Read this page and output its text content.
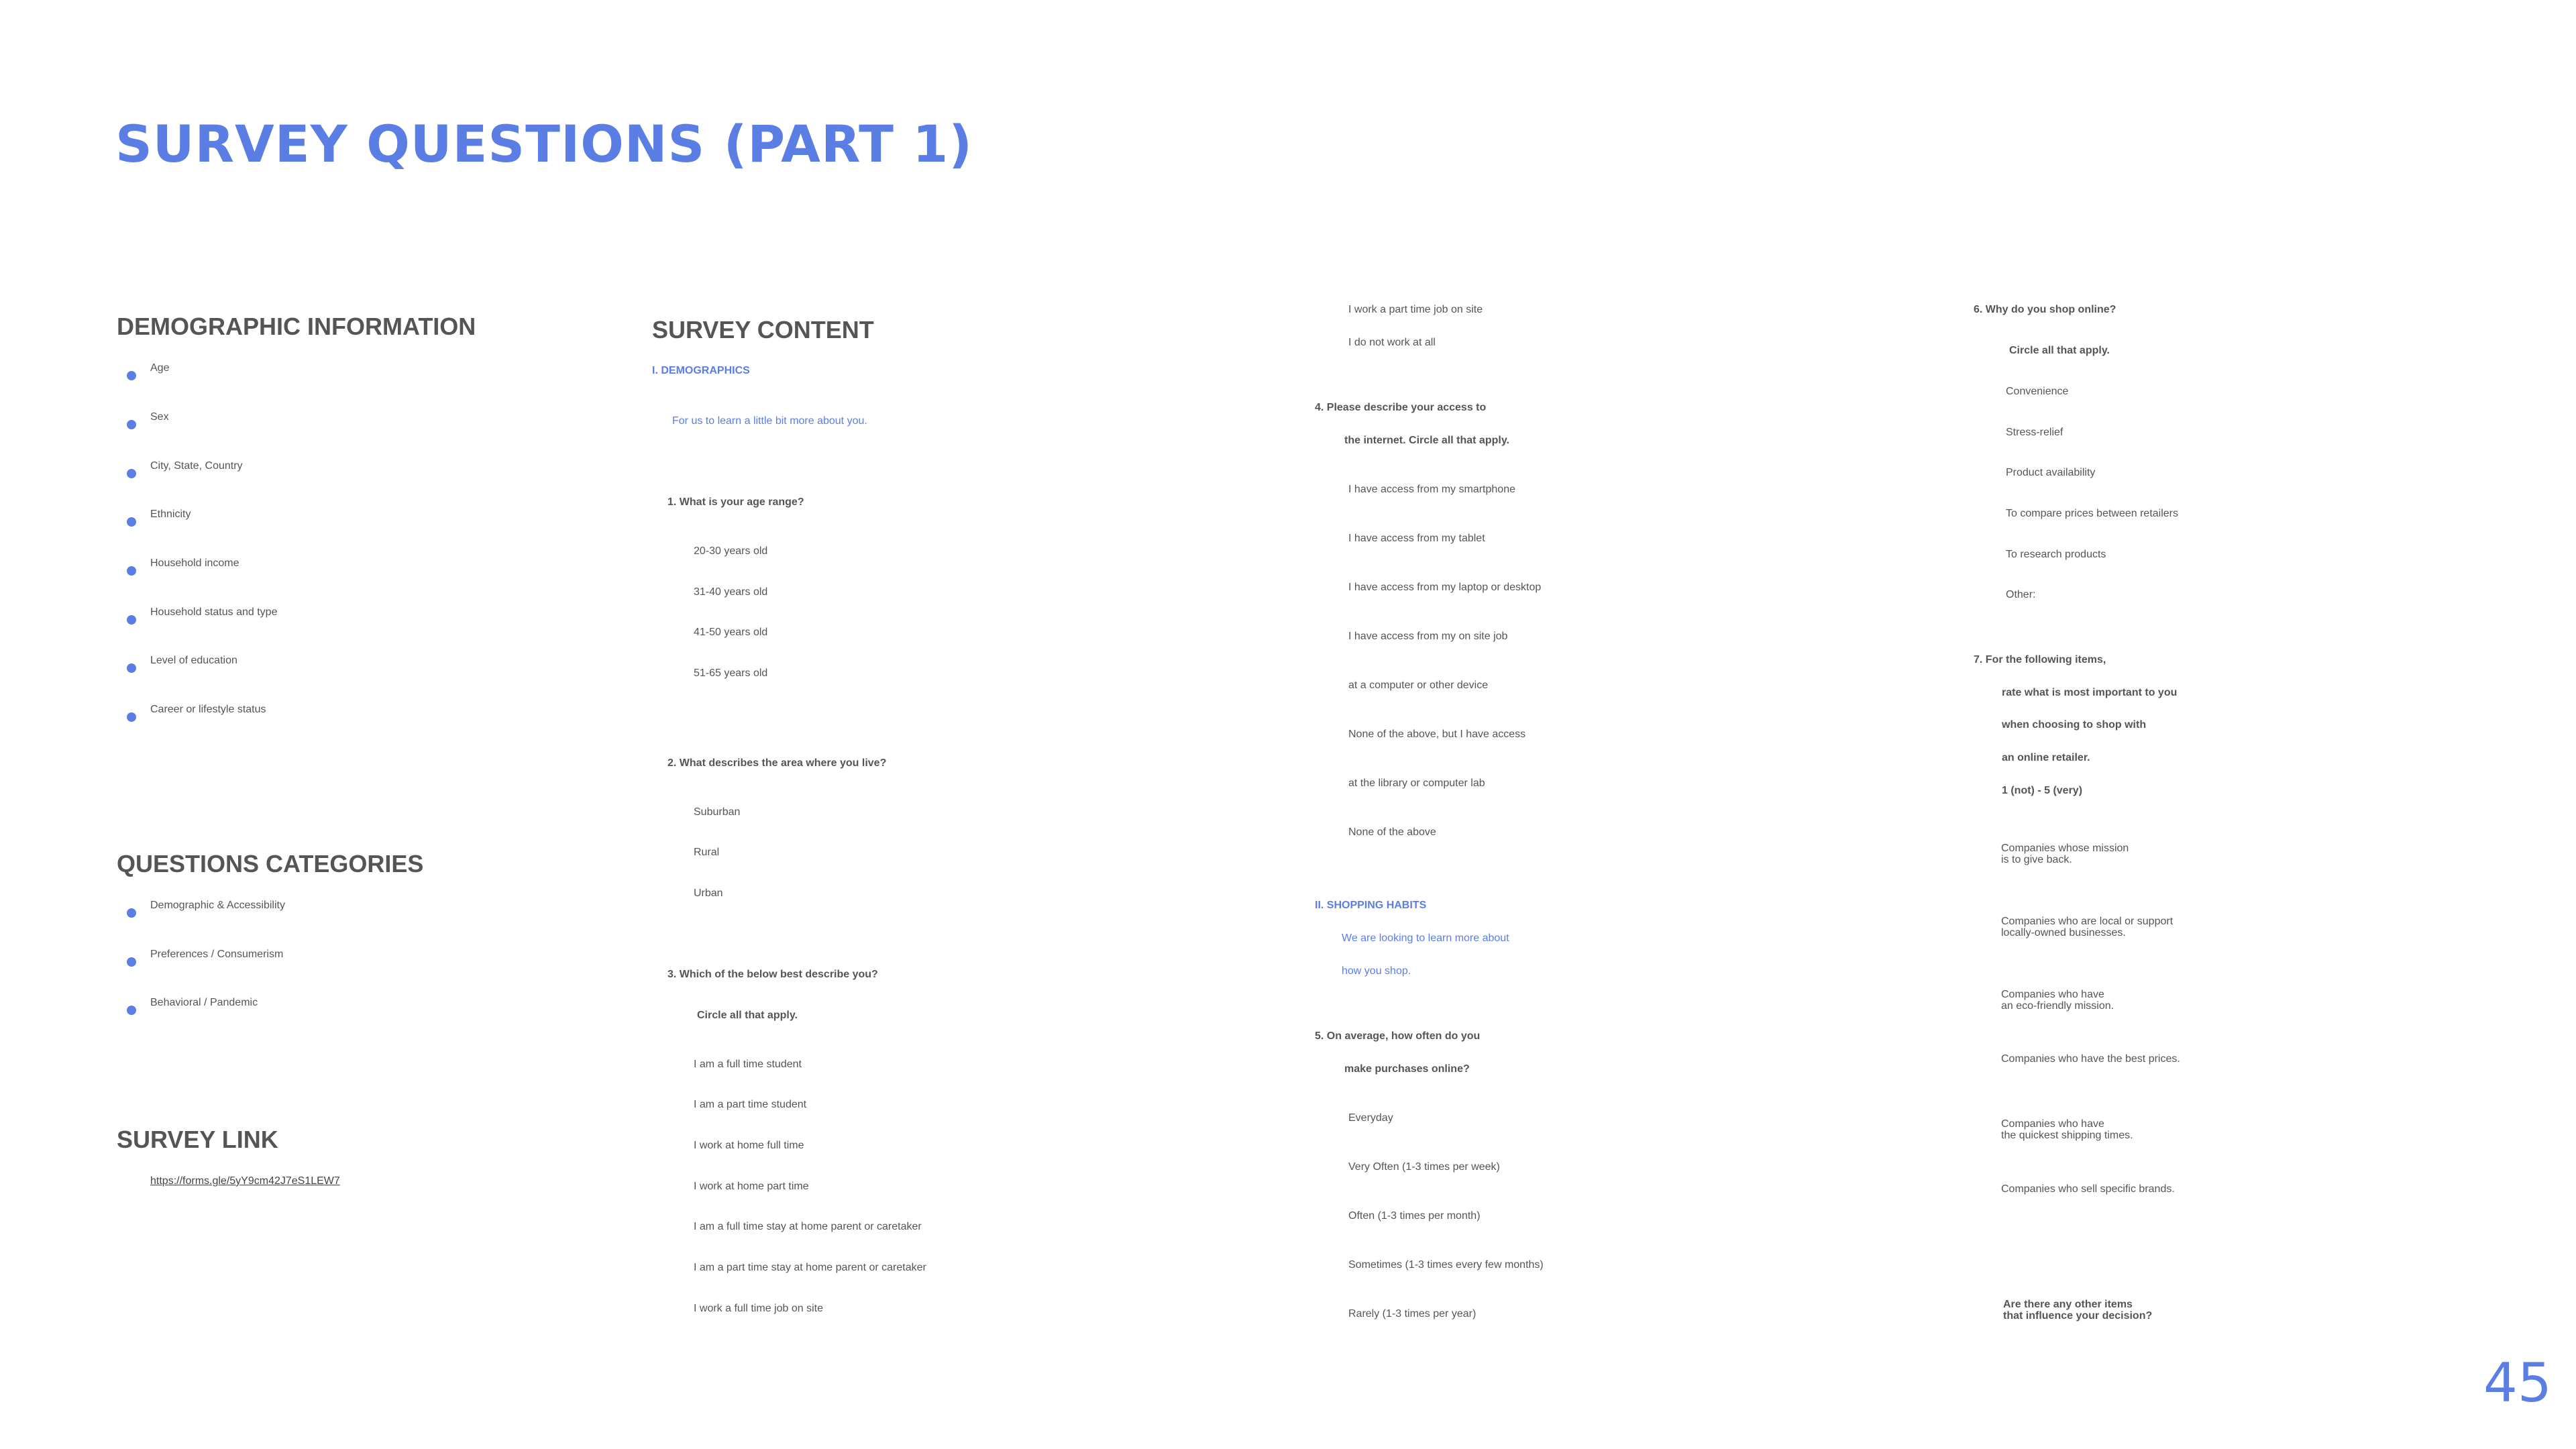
SURVEY QUESTIONS (PART 1)
DEMOGRAPHIC INFORMATION
Age
Sex
City, State, Country
Ethnicity
Household income
Household status and type
Level of education
Career or lifestyle status
QUESTIONS CATEGORIES
Demographic & Accessibility
Preferences / Consumerism
Behavioral / Pandemic
SURVEY LINK
https://forms.gle/5yY9cm42J7eS1LEW7
SURVEY CONTENT
I. DEMOGRAPHICS
For us to learn a little bit more about you.
1. What is your age range?
20-30 years old
31-40 years old
41-50 years old
51-65 years old
2. What describes the area where you live?
Suburban
Rural
Urban
3. Which of the below best describe you?
Circle all that apply.
I am a full time student
I am a part time student
I work at home full time
I work at home part time
I am a full time stay at home parent or caretaker
I am a part time stay at home parent or caretaker
I work a full time job on site
I work a part time job on site
I do not work at all
4. Please describe your access to
the internet. Circle all that apply.
I have access from my smartphone
I have access from my tablet
I have access from my laptop or desktop
I have access from my on site job
at a computer or other device
None of the above, but I have access
at the library or computer lab
None of the above
II. SHOPPING HABITS
We are looking to learn more about
how you shop.
5. On average, how often do you
make purchases online?
Everyday
Very Often (1-3 times per week)
Often (1-3 times per month)
Sometimes (1-3 times every few months)
Rarely (1-3 times per year)
6. Why do you shop online?
Circle all that apply.
Convenience
Stress-relief
Product availability
To compare prices between retailers
To research products
Other:
7. For the following items,
rate what is most important to you
when choosing to shop with
an online retailer.
1 (not) - 5 (very)
Companies whose mission
is to give back.
Companies who are local or support
locally-owned businesses.
Companies who have
an eco-friendly mission.
Companies who have the best prices.
Companies who have
the quickest shipping times.
Companies who sell specific brands.
Are there any other items
that influence your decision?
45
